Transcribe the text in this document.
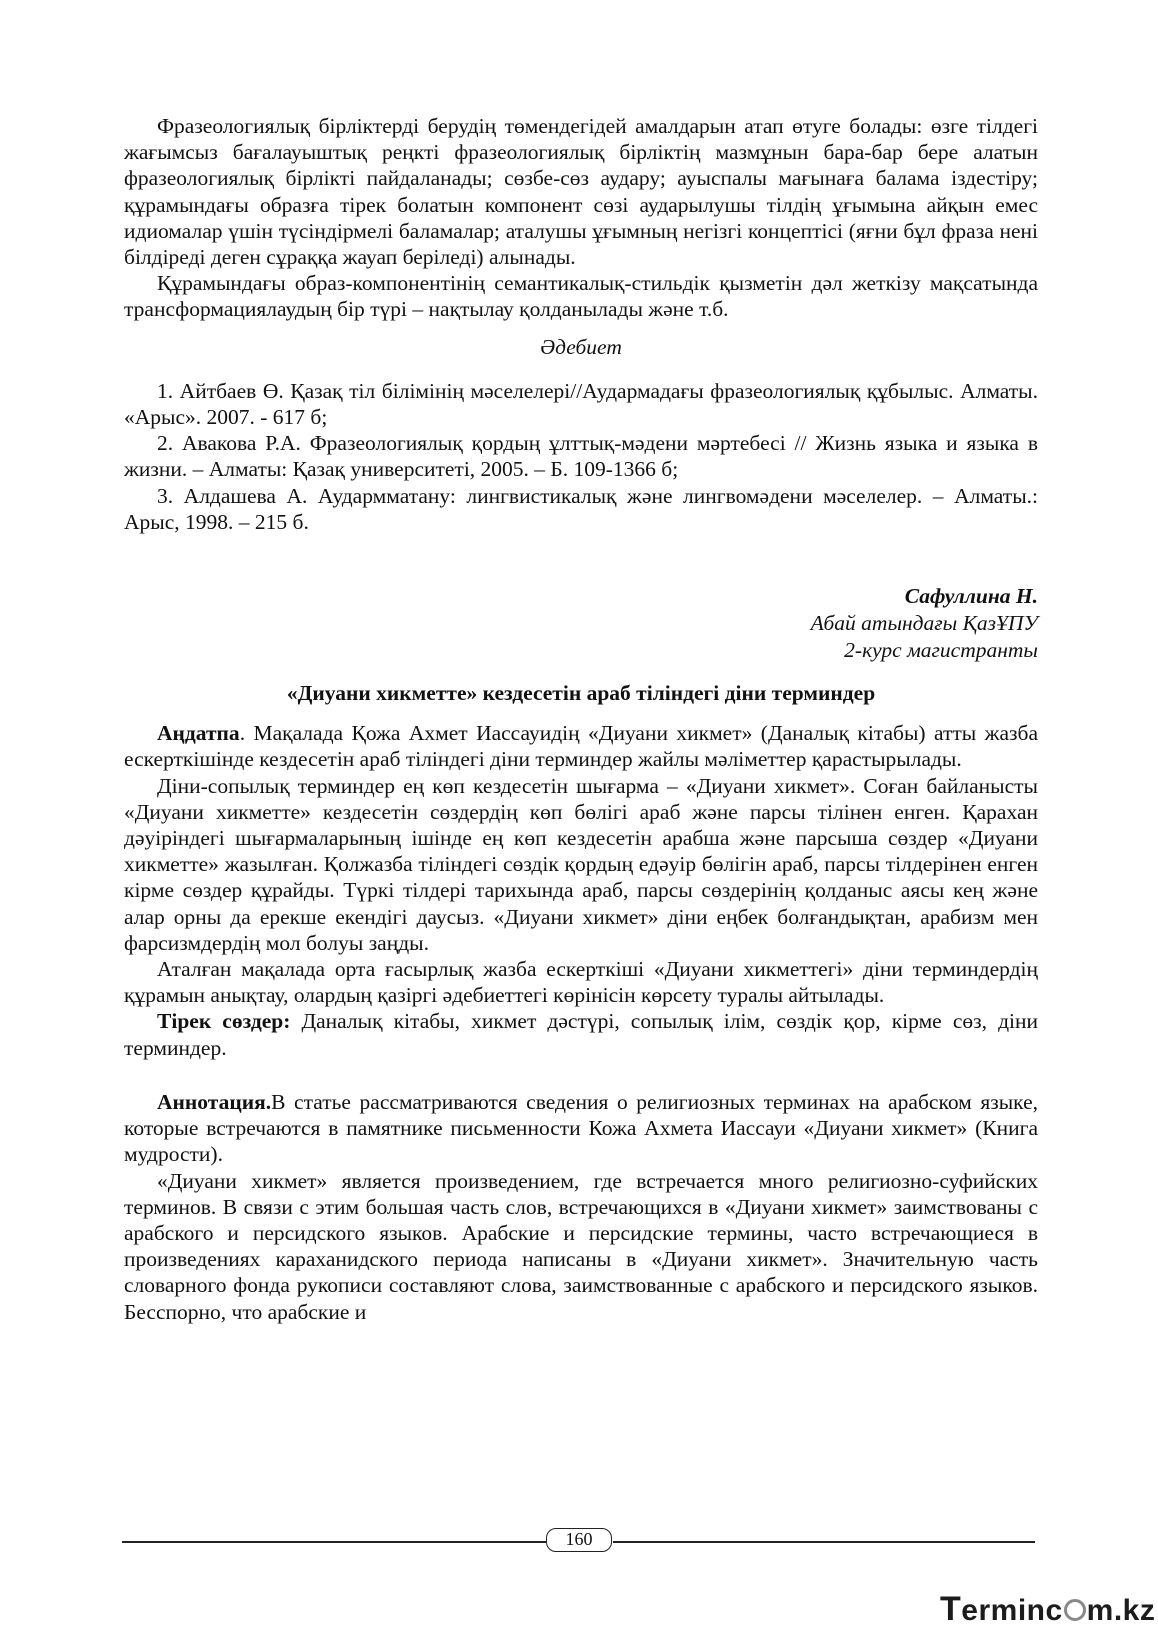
Фразеологиялық бірліктерді берудің төмендегідей амалдарын атап өтуге болады: өзге тілдегі жағымсыз бағалауыштық реңкті фразеологиялық бірліктің мазмұнын бара-бар бере алатын фразеологиялық бірлікті пайдаланады; сөзбе-сөз аудару; ауыспалы мағынаға балама іздестіру; құрамындағы образға тірек болатын компонент сөзі аударылушы тілдің ұғымына айқын емес идиомалар үшін түсіндірмелі баламалар; аталушы ұғымның негізгі концептісі (яғни бұл фраза нені білдіреді деген сұраққа жауап беріледі) алынады.

Құрамындағы образ-компонентінің семантикалық-стильдік қызметін дәл жеткізу мақсатында трансформациялаудың бір түрі – нақтылау қолданылады және т.б.

Әдебиет

1. Айтбаев Ө. Қазақ тіл білімінің мәселелері//Аудармадағы фразеологиялық құбылыс. Алматы. «Арыс». 2007. - 617 б;

2. Авакова Р.А. Фразеологиялық қордың ұлттық-мәдени мәртебесі // Жизнь языка и языка в жизни. – Алматы: Қазақ университеті, 2005. – Б. 109-1366 б;

3. Алдашева А. Аудармматану: лингвистикалық және лингвомәдени мәселелер. – Алматы.: Арыс, 1998. – 215 б.

Сафуллина Н.
Абай атындағы ҚазҰПУ
2-курс магистранты

«Диуани хикметте» кездесетін араб тіліндегі діни терминдер

Аңдатпа. Мақалада Қожа Ахмет Иассауидің «Диуани хикмет» (Даналық кітабы) атты жазба ескерткішінде кездесетін араб тіліндегі діни терминдер жайлы мәліметтер қарастырылады.

Діни-сопылық терминдер ең көп кездесетін шығарма – «Диуани хикмет». Соған байланысты «Диуани хикметте» кездесетін сөздердің көп бөлігі араб және парсы тілінен енген. Қарахан дәуіріндегі шығармаларының ішінде ең көп кездесетін арабша және парсыша сөздер «Диуани хикметте» жазылған. Қолжазба тіліндегі сөздік қордың едәуір бөлігін араб, парсы тілдерінен енген кірме сөздер құрайды. Түркі тілдері тарихында араб, парсы сөздерінің қолданыс аясы кең және алар орны да ерекше екендігі даусыз. «Диуани хикмет» діни еңбек болғандықтан, арабизм мен фарсизмдердің мол болуы заңды.

Аталған мақалада орта ғасырлық жазба ескерткіші «Диуани хикметтегі» діни терминдердің құрамын анықтау, олардың қазіргі әдебиеттегі көрінісін көрсету туралы айтылады.

Тірек сөздер: Даналық кітабы, хикмет дәстүрі, сопылық ілім, сөздік қор, кірме сөз, діни терминдер.

Аннотация.В статье рассматриваются сведения о религиозных терминах на арабском языке, которые встречаются в памятнике письменности Кожа Ахмета Иассауи «Диуани хикмет» (Книга мудрости).

«Диуани хикмет» является произведением, где встречается много религиозно-суфийских терминов. В связи с этим большая часть слов, встречающихся в «Диуани хикмет» заимствованы с арабского и персидского языков. Арабские и персидские термины, часто встречающиеся в произведениях караханидского периода написаны в «Диуани хикмет». Значительную часть словарного фонда рукописи составляют слова, заимствованные с арабского и персидского языков. Бесспорно, что арабские и

160
Terminc m.kz
